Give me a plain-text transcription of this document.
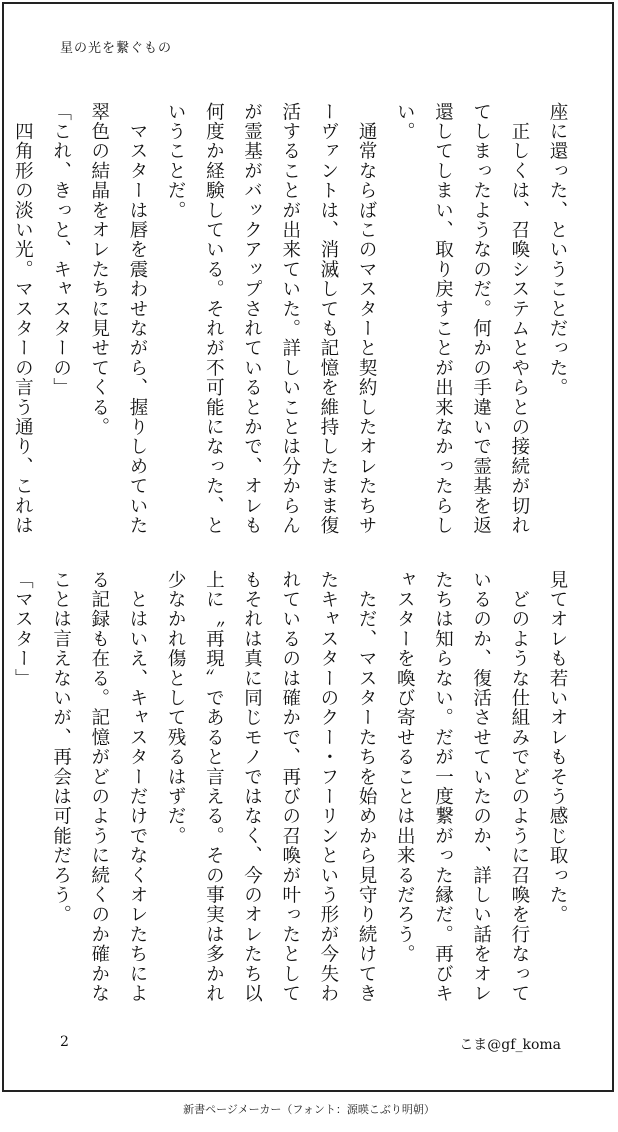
星の光を繋ぐもの
座に還った、ということだった。
　正しくは、召喚システムとやらとの接続が切れ
てしまったようなのだ。何かの手違いで霊基を返
還してしまい、取り戻すことが出来なかったらし
い。
　通常ならばこのマスターと契約したオレたちサ
ーヴァントは、消滅しても記憶を維持したまま復
活することが出来ていた。詳しいことは分からん
が霊基がバックアップされているとかで、オレも
何度か経験している。それが不可能になった、と
いうことだ。
　マスターは唇を震わせながら、握りしめていた
翠色の結晶をオレたちに見せてくる。
「これ、きっと、キャスターの」
　四角形の淡い光。マスターの言う通り、これは
見てオレも若いオレもそう感じ取った。
　どのような仕組みでどのように召喚を行なって
いるのか、復活させていたのか、詳しい話をオレ
たちは知らない。だが一度繋がった縁だ。再びキ
ャスターを喚び寄せることは出来るだろう。
　ただ、マスターたちを始めから見守り続けてき
たキャスターのクー・フーリンという形が今失わ
れているのは確かで、再びの召喚が叶ったとして
もそれは真に同じモノではなく、今のオレたち以
上に〝再現〟であると言える。その事実は多かれ
少なかれ傷として残るはずだ。
　とはいえ、キャスターだけでなくオレたちによ
る記録も在る。記憶がどのように続くのか確かな
ことは言えないが、再会は可能だろう。
「マスター」
2	こま@gf_koma
新書ページメーカー（フォント：源暎こぶり明朝）
